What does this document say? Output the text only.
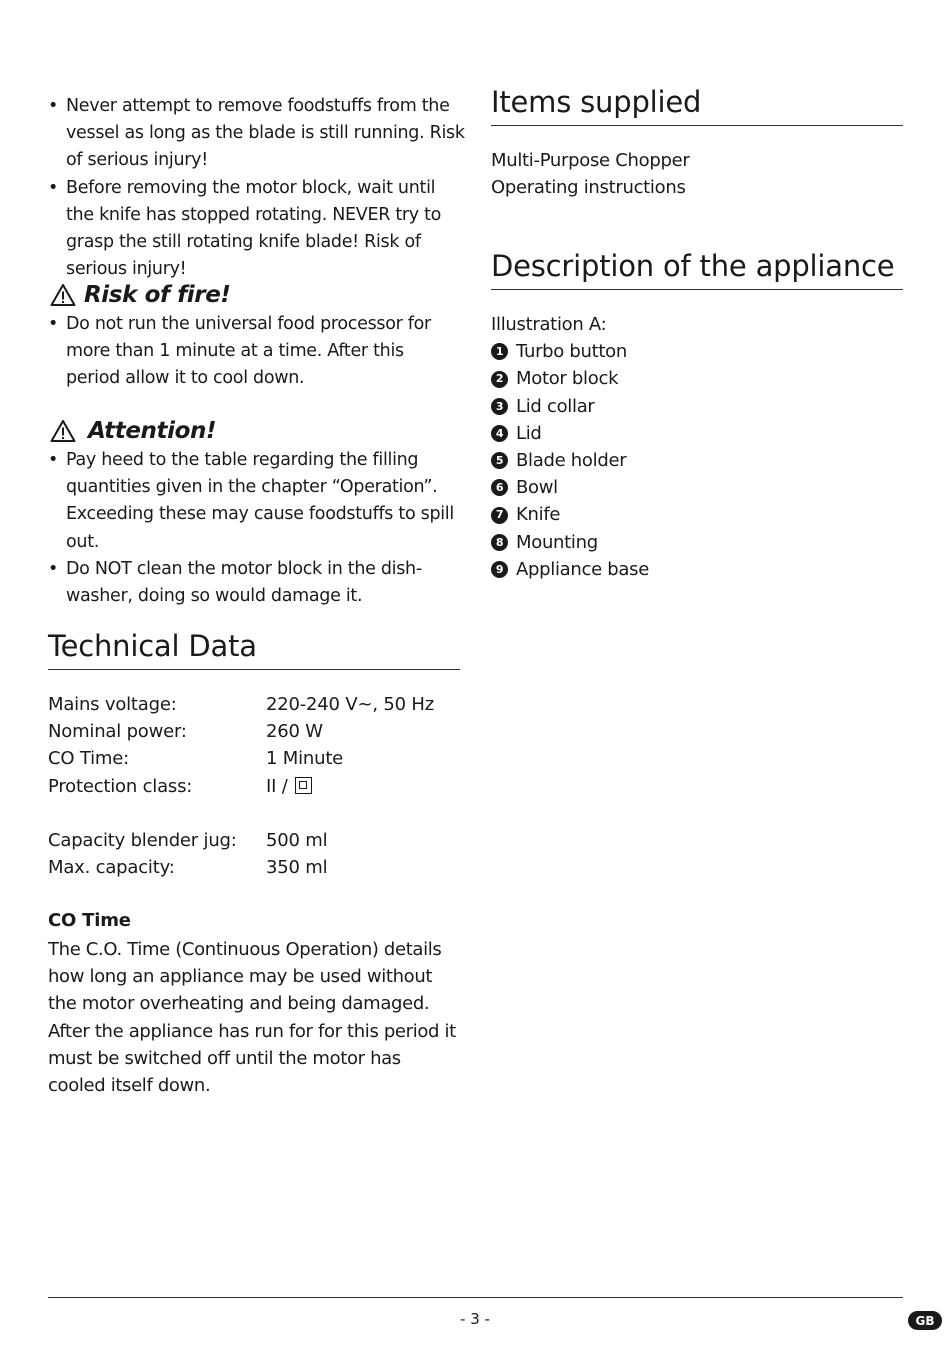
• Never attempt to remove foodstuffs from the vessel as long as the blade is still running. Risk of serious injury!
• Before removing the motor block, wait until the knife has stopped rotating. NEVER try to grasp the still rotating knife blade! Risk of serious injury!
Risk of fire!
• Do not run the universal food processor for more than 1 minute at a time. After this period allow it to cool down.
Attention!
• Pay heed to the table regarding the filling quantities given in the chapter “Operation”. Exceeding these may cause foodstuffs to spill out.
• Do NOT clean the motor block in the dish-washer, doing so would damage it.
Technical Data
Mains voltage:	220-240 V~, 50 Hz
Nominal power:	260 W
CO Time:	1 Minute
Protection class:	II /
Capacity blender jug:	500 ml
Max. capacity:	350 ml
CO Time

The C.O. Time (Continuous Operation) details how long an appliance may be used without the motor overheating and being damaged. After the appliance has run for for this period it must be switched off until the motor has cooled itself down.

Items supplied
Multi-Purpose Chopper
Operating instructions
Description of the appliance
Illustration A:
1 Turbo button
2 Motor block
3 Lid collar
4 Lid
5 Blade holder
6 Bowl
7 Knife
8 Mounting
9 Appliance base
- 3 -	GB
